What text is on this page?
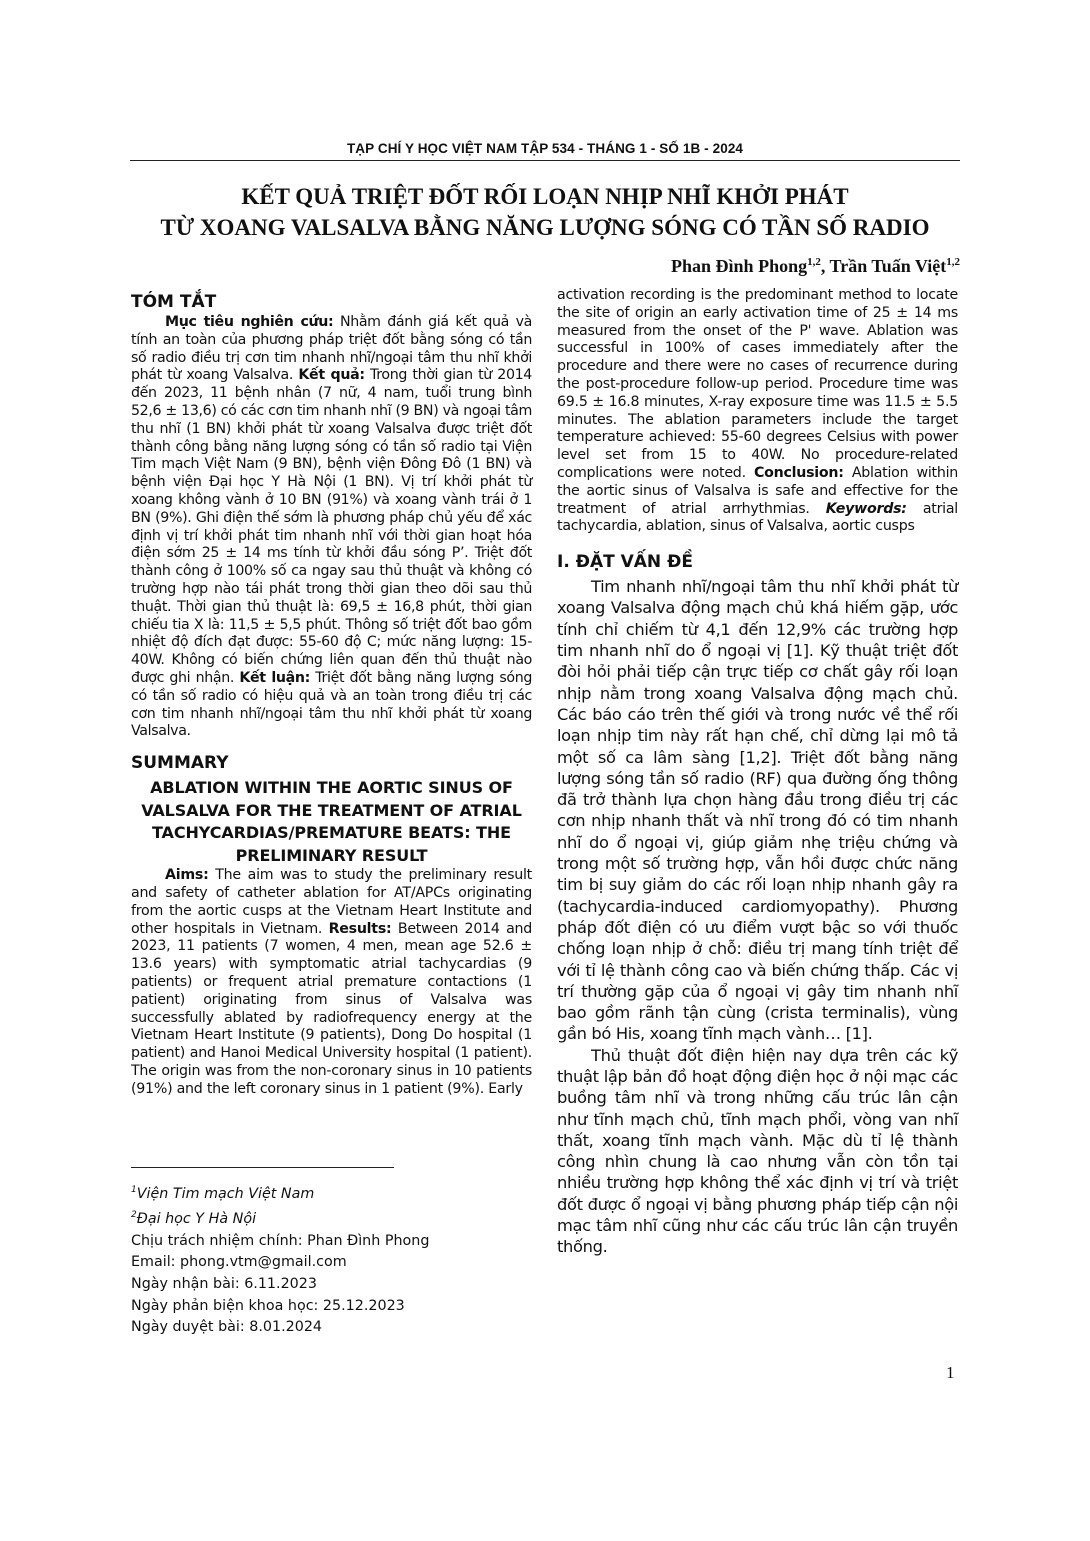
TẠP CHÍ Y HỌC VIỆT NAM TẬP 534 - THÁNG 1 - SỐ 1B - 2024
KẾT QUẢ TRIỆT ĐỐT RỐI LOẠN NHỊP NHĨ KHỞI PHÁT
TỪ XOANG VALSALVA BẰNG NĂNG LƯỢNG SÓNG CÓ TẦN SỐ RADIO
Phan Đình Phong$^{1,2}$, Trần Tuấn Việt$^{1,2}$
TÓM TẮT

Mục tiêu nghiên cứu: Nhằm đánh giá kết quả và tính an toàn của phương pháp triệt đốt bằng sóng có tần số radio điều trị cơn tim nhanh nhĩ/ngoại tâm thu nhĩ khởi phát từ xoang Valsalva. Kết quả: Trong thời gian từ 2014 đến 2023, 11 bệnh nhân (7 nữ, 4 nam, tuổi trung bình 52,6 ± 13,6) có các cơn tim nhanh nhĩ (9 BN) và ngoại tâm thu nhĩ (1 BN) khởi phát từ xoang Valsalva được triệt đốt thành công bằng năng lượng sóng có tần số radio tại Viện Tim mạch Việt Nam (9 BN), bệnh viện Đông Đô (1 BN) và bệnh viện Đại học Y Hà Nội (1 BN). Vị trí khởi phát từ xoang không vành ở 10 BN (91%) và xoang vành trái ở 1 BN (9%). Ghi điện thế sớm là phương pháp chủ yếu để xác định vị trí khởi phát tim nhanh nhĩ với thời gian hoạt hóa điện sớm 25 ± 14 ms tính từ khởi đầu sóng P’. Triệt đốt thành công ở 100% số ca ngay sau thủ thuật và không có trường hợp nào tái phát trong thời gian theo dõi sau thủ thuật. Thời gian thủ thuật là: 69,5 ± 16,8 phút, thời gian chiếu tia X là: 11,5 ± 5,5 phút. Thông số triệt đốt bao gồm nhiệt độ đích đạt được: 55-60 độ C; mức năng lượng: 15-40W. Không có biến chứng liên quan đến thủ thuật nào được ghi nhận. Kết luận: Triệt đốt bằng năng lượng sóng có tần số radio có hiệu quả và an toàn trong điều trị các cơn tim nhanh nhĩ/ngoại tâm thu nhĩ khởi phát từ xoang Valsalva.

SUMMARY
ABLATION WITHIN THE AORTIC SINUS OF VALSALVA FOR THE TREATMENT OF ATRIAL TACHYCARDIAS/PREMATURE BEATS: THE PRELIMINARY RESULT

Aims: The aim was to study the preliminary result and safety of catheter ablation for AT/APCs originating from the aortic cusps at the Vietnam Heart Institute and other hospitals in Vietnam. Results: Between 2014 and 2023, 11 patients (7 women, 4 men, mean age 52.6 ± 13.6 years) with symptomatic atrial tachycardias (9 patients) or frequent atrial premature contactions (1 patient) originating from sinus of Valsalva was successfully ablated by radiofrequency energy at the Vietnam Heart Institute (9 patients), Dong Do hospital (1 patient) and Hanoi Medical University hospital (1 patient). The origin was from the non-coronary sinus in 10 patients (91%) and the left coronary sinus in 1 patient (9%). Early

$^1$Viện Tim mạch Việt Nam
$^2$Đại học Y Hà Nội
Chịu trách nhiệm chính: Phan Đình Phong
Email: phong.vtm@gmail.com
Ngày nhận bài: 6.11.2023
Ngày phản biện khoa học: 25.12.2023
Ngày duyệt bài: 8.01.2024

activation recording is the predominant method to locate the site of origin an early activation time of 25 ± 14 ms measured from the onset of the P' wave. Ablation was successful in 100% of cases immediately after the procedure and there were no cases of recurrence during the post-procedure follow-up period. Procedure time was 69.5 ± 16.8 minutes, X-ray exposure time was 11.5 ± 5.5 minutes. The ablation parameters include the target temperature achieved: 55-60 degrees Celsius with power level set from 15 to 40W. No procedure-related complications were noted. Conclusion: Ablation within the aortic sinus of Valsalva is safe and effective for the treatment of atrial arrhythmias. Keywords: atrial tachycardia, ablation, sinus of Valsalva, aortic cusps

I. ĐẶT VẤN ĐỀ

Tim nhanh nhĩ/ngoại tâm thu nhĩ khởi phát từ xoang Valsalva động mạch chủ khá hiếm gặp, ước tính chỉ chiếm từ 4,1 đến 12,9% các trường hợp tim nhanh nhĩ do ổ ngoại vị [1]. Kỹ thuật triệt đốt đòi hỏi phải tiếp cận trực tiếp cơ chất gây rối loạn nhịp nằm trong xoang Valsalva động mạch chủ. Các báo cáo trên thế giới và trong nước về thể rối loạn nhịp tim này rất hạn chế, chỉ dừng lại mô tả một số ca lâm sàng [1,2]. Triệt đốt bằng năng lượng sóng tần số radio (RF) qua đường ống thông đã trở thành lựa chọn hàng đầu trong điều trị các cơn nhịp nhanh thất và nhĩ trong đó có tim nhanh nhĩ do ổ ngoại vị, giúp giảm nhẹ triệu chứng và trong một số trường hợp, vẫn hồi được chức năng tim bị suy giảm do các rối loạn nhịp nhanh gây ra (tachycardia-induced cardiomyopathy). Phương pháp đốt điện có ưu điểm vượt bậc so với thuốc chống loạn nhịp ở chỗ: điều trị mang tính triệt để với tỉ lệ thành công cao và biến chứng thấp. Các vị trí thường gặp của ổ ngoại vị gây tim nhanh nhĩ bao gồm rãnh tận cùng (crista terminalis), vùng gần bó His, xoang tĩnh mạch vành… [1].

Thủ thuật đốt điện hiện nay dựa trên các kỹ thuật lập bản đồ hoạt động điện học ở nội mạc các buồng tâm nhĩ và trong những cấu trúc lân cận như tĩnh mạch chủ, tĩnh mạch phổi, vòng van nhĩ thất, xoang tĩnh mạch vành. Mặc dù tỉ lệ thành công nhìn chung là cao nhưng vẫn còn tồn tại nhiều trường hợp không thể xác định vị trí và triệt đốt được ổ ngoại vị bằng phương pháp tiếp cận nội mạc tâm nhĩ cũng như các cấu trúc lân cận truyền thống.

1
